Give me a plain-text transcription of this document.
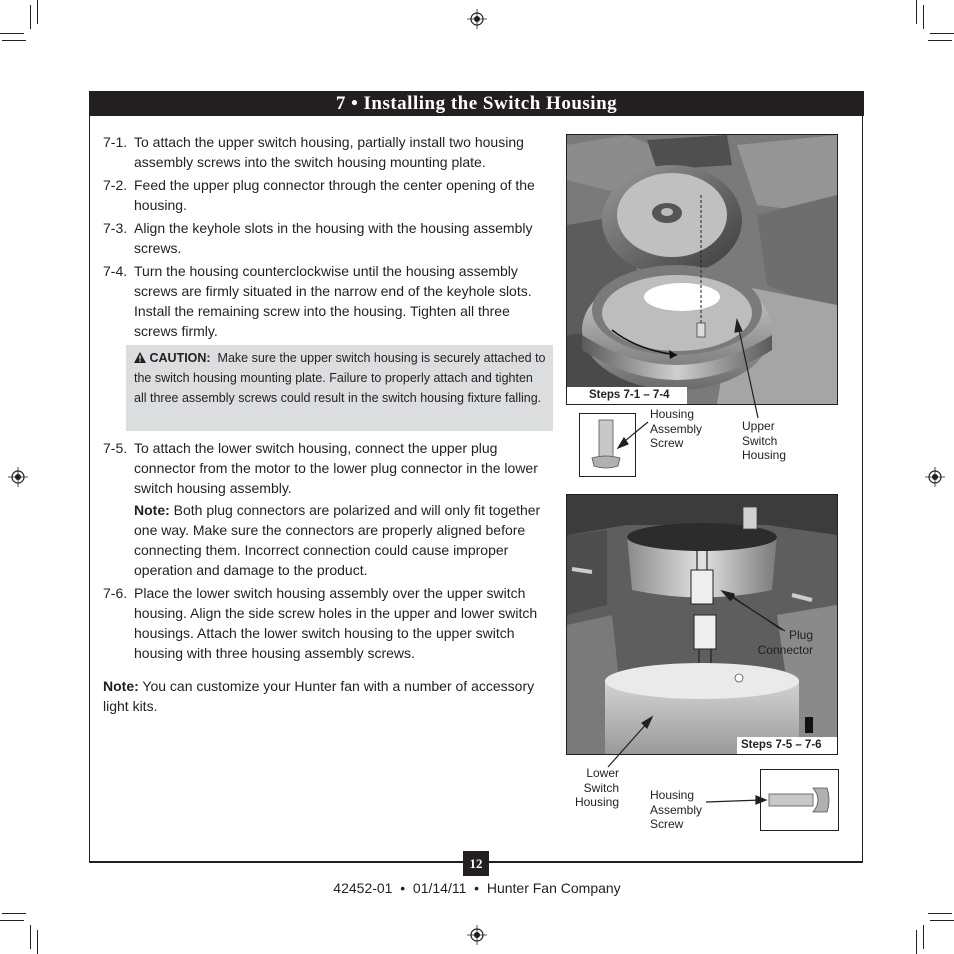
7 • Installing the Switch Housing
7-1. To attach the upper switch housing, partially install two housing assembly screws into the switch housing mounting plate.
7-2. Feed the upper plug connector through the center opening of the housing.
7-3. Align the keyhole slots in the housing with the housing assembly screws.
7-4. Turn the housing counterclockwise until the housing assembly screws are firmly situated in the narrow end of the keyhole slots. Install the remaining screw into the housing. Tighten all three screws firmly.
CAUTION: Make sure the upper switch housing is securely attached to the switch housing mounting plate. Failure to properly attach and tighten all three assembly screws could result in the switch housing fixture falling.
7-5. To attach the lower switch housing, connect the upper plug connector from the motor to the lower plug connector in the lower switch housing assembly.
Note: Both plug connectors are polarized and will only fit together one way. Make sure the connectors are properly aligned before connecting them. Incorrect connection could cause improper operation and damage to the product.
7-6. Place the lower switch housing assembly over the upper switch housing. Align the side screw holes in the upper and lower switch housings. Attach the lower switch housing to the upper switch housing with three housing assembly screws.
Note: You can customize your Hunter fan with a number of accessory light kits.
Steps 7-1 – 7-4
Housing
Assembly
Screw
Upper
Switch
Housing
Steps 7-5 – 7-6
Plug
Connector
Lower
Switch
Housing	Housing
Assembly
Screw
12
42452-01  •  01/14/11  •  Hunter Fan Company
